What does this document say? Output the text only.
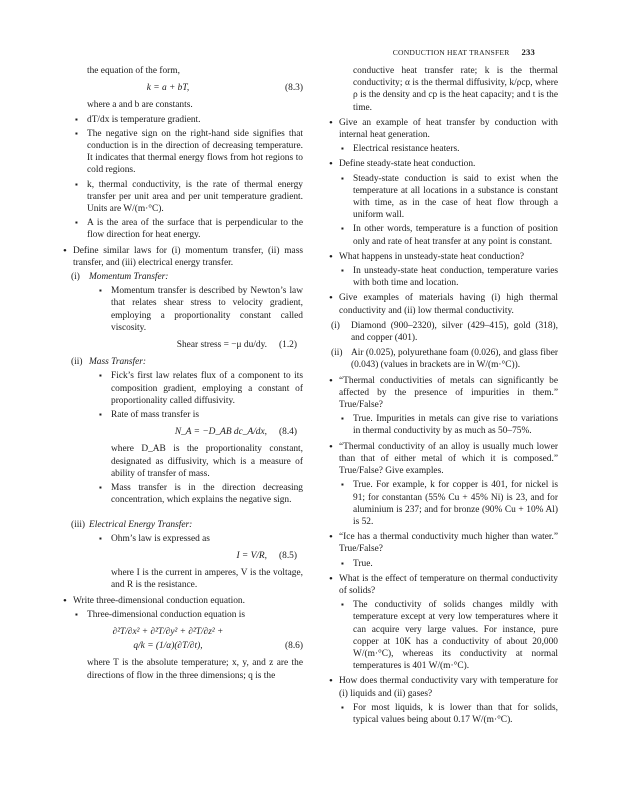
CONDUCTION HEAT TRANSFER 233

the equation of the form,

k = a + bT,	(8.3)

where a and b are constants.

▪ dT/dx is temperature gradient.

▪ The negative sign on the right-hand side signifies that conduction is in the direction of decreasing temperature. It indicates that thermal energy flows from hot regions to cold regions.

▪ k, thermal conductivity, is the rate of thermal energy transfer per unit area and per unit temperature gradient. Units are W/(m·°C).

▪ A is the area of the surface that is perpendicular to the flow direction for heat energy.

• Define similar laws for (i) momentum transfer, (ii) mass transfer, and (iii) electrical energy transfer.

(i) Momentum Transfer:

▪ Momentum transfer is described by Newton’s law that relates shear stress to velocity gradient, employing a proportionality constant called viscosity.

Shear stress = −μ du/dy. (1.2)
(ii) Mass Transfer:

▪ Fick’s first law relates flux of a component to its composition gradient, employing a constant of proportionality called diffusivity.

▪ Rate of mass transfer is

N_A = −D_AB dc_A/dx, (8.4)

where D_AB is the proportionality constant, designated as diffusivity, which is a measure of ability of transfer of mass.

▪ Mass transfer is in the direction decreasing concentration, which explains the negative sign.

(iii) Electrical Energy Transfer:

▪ Ohm’s law is expressed as

I = V/R, (8.5)

where I is the current in amperes, V is the voltage, and R is the resistance.

• Write three-dimensional conduction equation.

▪ Three-dimensional conduction equation is

∂²T/∂x² + ∂²T/∂y² + ∂²T/∂z² +
q/k = (1/α)(∂T/∂t),	(8.6)

where T is the absolute temperature; x, y, and z are the directions of flow in the three dimensions; q is the

conductive heat transfer rate; k is the thermal conductivity; α is the thermal diffusivity, k/ρcp, where ρ is the density and cp is the heat capacity; and t is the time.

• Give an example of heat transfer by conduction with internal heat generation.

▪ Electrical resistance heaters.

• Define steady-state heat conduction.

▪ Steady-state conduction is said to exist when the temperature at all locations in a substance is constant with time, as in the case of heat flow through a uniform wall.

▪ In other words, temperature is a function of position only and rate of heat transfer at any point is constant.

• What happens in unsteady-state heat conduction?

▪ In unsteady-state heat conduction, temperature varies with both time and location.

• Give examples of materials having (i) high thermal conductivity and (ii) low thermal conductivity.

(i) Diamond (900–2320), silver (429–415), gold (318), and copper (401).
(ii) Air (0.025), polyurethane foam (0.026), and glass fiber (0.043) (values in brackets are in W/(m·°C)).

• “Thermal conductivities of metals can significantly be affected by the presence of impurities in them.” True/False?

▪ True. Impurities in metals can give rise to variations in thermal conductivity by as much as 50–75%.

• “Thermal conductivity of an alloy is usually much lower than that of either metal of which it is composed.” True/False? Give examples.

▪ True. For example, k for copper is 401, for nickel is 91; for constantan (55% Cu + 45% Ni) is 23, and for aluminium is 237; and for bronze (90% Cu + 10% Al) is 52.

• “Ice has a thermal conductivity much higher than water.” True/False?

▪ True.

• What is the effect of temperature on thermal conductivity of solids?

▪ The conductivity of solids changes mildly with temperature except at very low temperatures where it can acquire very large values. For instance, pure copper at 10K has a conductivity of about 20,000 W/(m·°C), whereas its conductivity at normal temperatures is 401 W/(m·°C).

• How does thermal conductivity vary with temperature for (i) liquids and (ii) gases?

▪ For most liquids, k is lower than that for solids, typical values being about 0.17 W/(m·°C).
